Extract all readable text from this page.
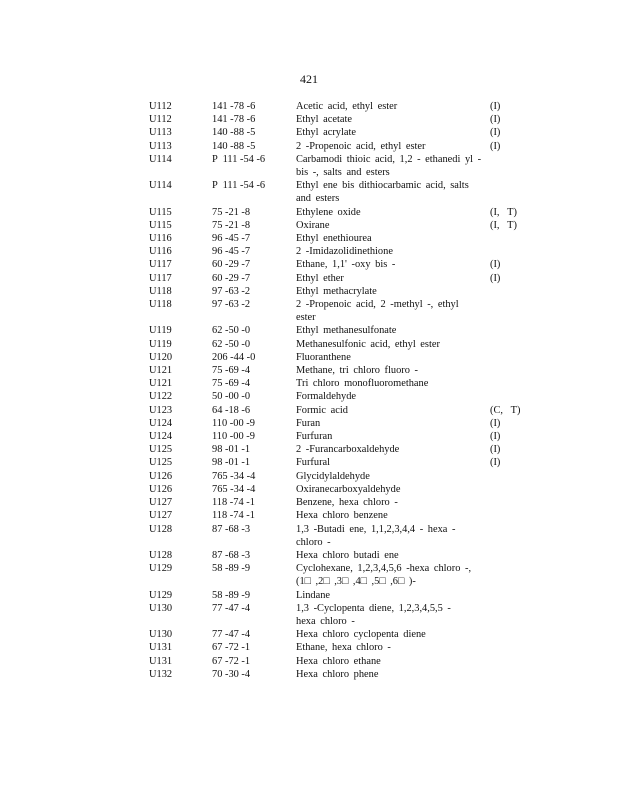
421
U112	141 -78 -6	Acetic acid, ethyl ester	(I)
U112	141 -78 -6	Ethyl acetate	(I)
U113	140 -88 -5	Ethyl acrylate	(I)
U113	140 -88 -5	2 -Propenoic acid, ethyl ester	(I)
U114	P  111 -54 -6	Carbamodi thioic acid, 1,2 - ethanedi yl -
bis -, salts and esters
U114	P  111 -54 -6	Ethyl ene bis dithiocarbamic acid, salts
and esters
U115	75 -21 -8	Ethylene oxide	(I,   T)
U115	75 -21 -8	Oxirane	(I,   T)
U116	96 -45 -7	Ethyl enethiourea
U116	96 -45 -7	2 -Imidazolidinethione
U117	60 -29 -7	Ethane, 1,1' -oxy bis -	(I)
U117	60 -29 -7	Ethyl ether	(I)
U118	97 -63 -2	Ethyl methacrylate
U118	97 -63 -2	2 -Propenoic acid, 2 -methyl -, ethyl
ester
U119	62 -50 -0	Ethyl methanesulfonate
U119	62 -50 -0	Methanesulfonic acid, ethyl ester
U120	206 -44 -0	Fluoranthene
U121	75 -69 -4	Methane, tri chloro fluoro -
U121	75 -69 -4	Tri chloro monofluoromethane
U122	50 -00 -0	Formaldehyde
U123	64 -18 -6	Formic acid	(C,   T)
U124	110 -00 -9	Furan	(I)
U124	110 -00 -9	Furfuran	(I)
U125	98 -01 -1	2 -Furancarboxaldehyde	(I)
U125	98 -01 -1	Furfural	(I)
U126	765 -34 -4	Glycidylaldehyde
U126	765 -34 -4	Oxiranecarboxyaldehyde
U127	118 -74 -1	Benzene, hexa chloro -
U127	118 -74 -1	Hexa chloro benzene
U128	87 -68 -3	1,3 -Butadi ene, 1,1,2,3,4,4 - hexa -
chloro -
U128	87 -68 -3	Hexa chloro butadi ene
U129	58 -89 -9	Cyclohexane, 1,2,3,4,5,6 -hexa chloro -,
(1□ ,2□ ,3□ ,4□ ,5□ ,6□ )-
U129	58 -89 -9	Lindane
U130	77 -47 -4	1,3 -Cyclopenta diene, 1,2,3,4,5,5 -
hexa chloro -
U130	77 -47 -4	Hexa chloro cyclopenta diene
U131	67 -72 -1	Ethane, hexa chloro -
U131	67 -72 -1	Hexa chloro ethane
U132	70 -30 -4	Hexa chloro phene
